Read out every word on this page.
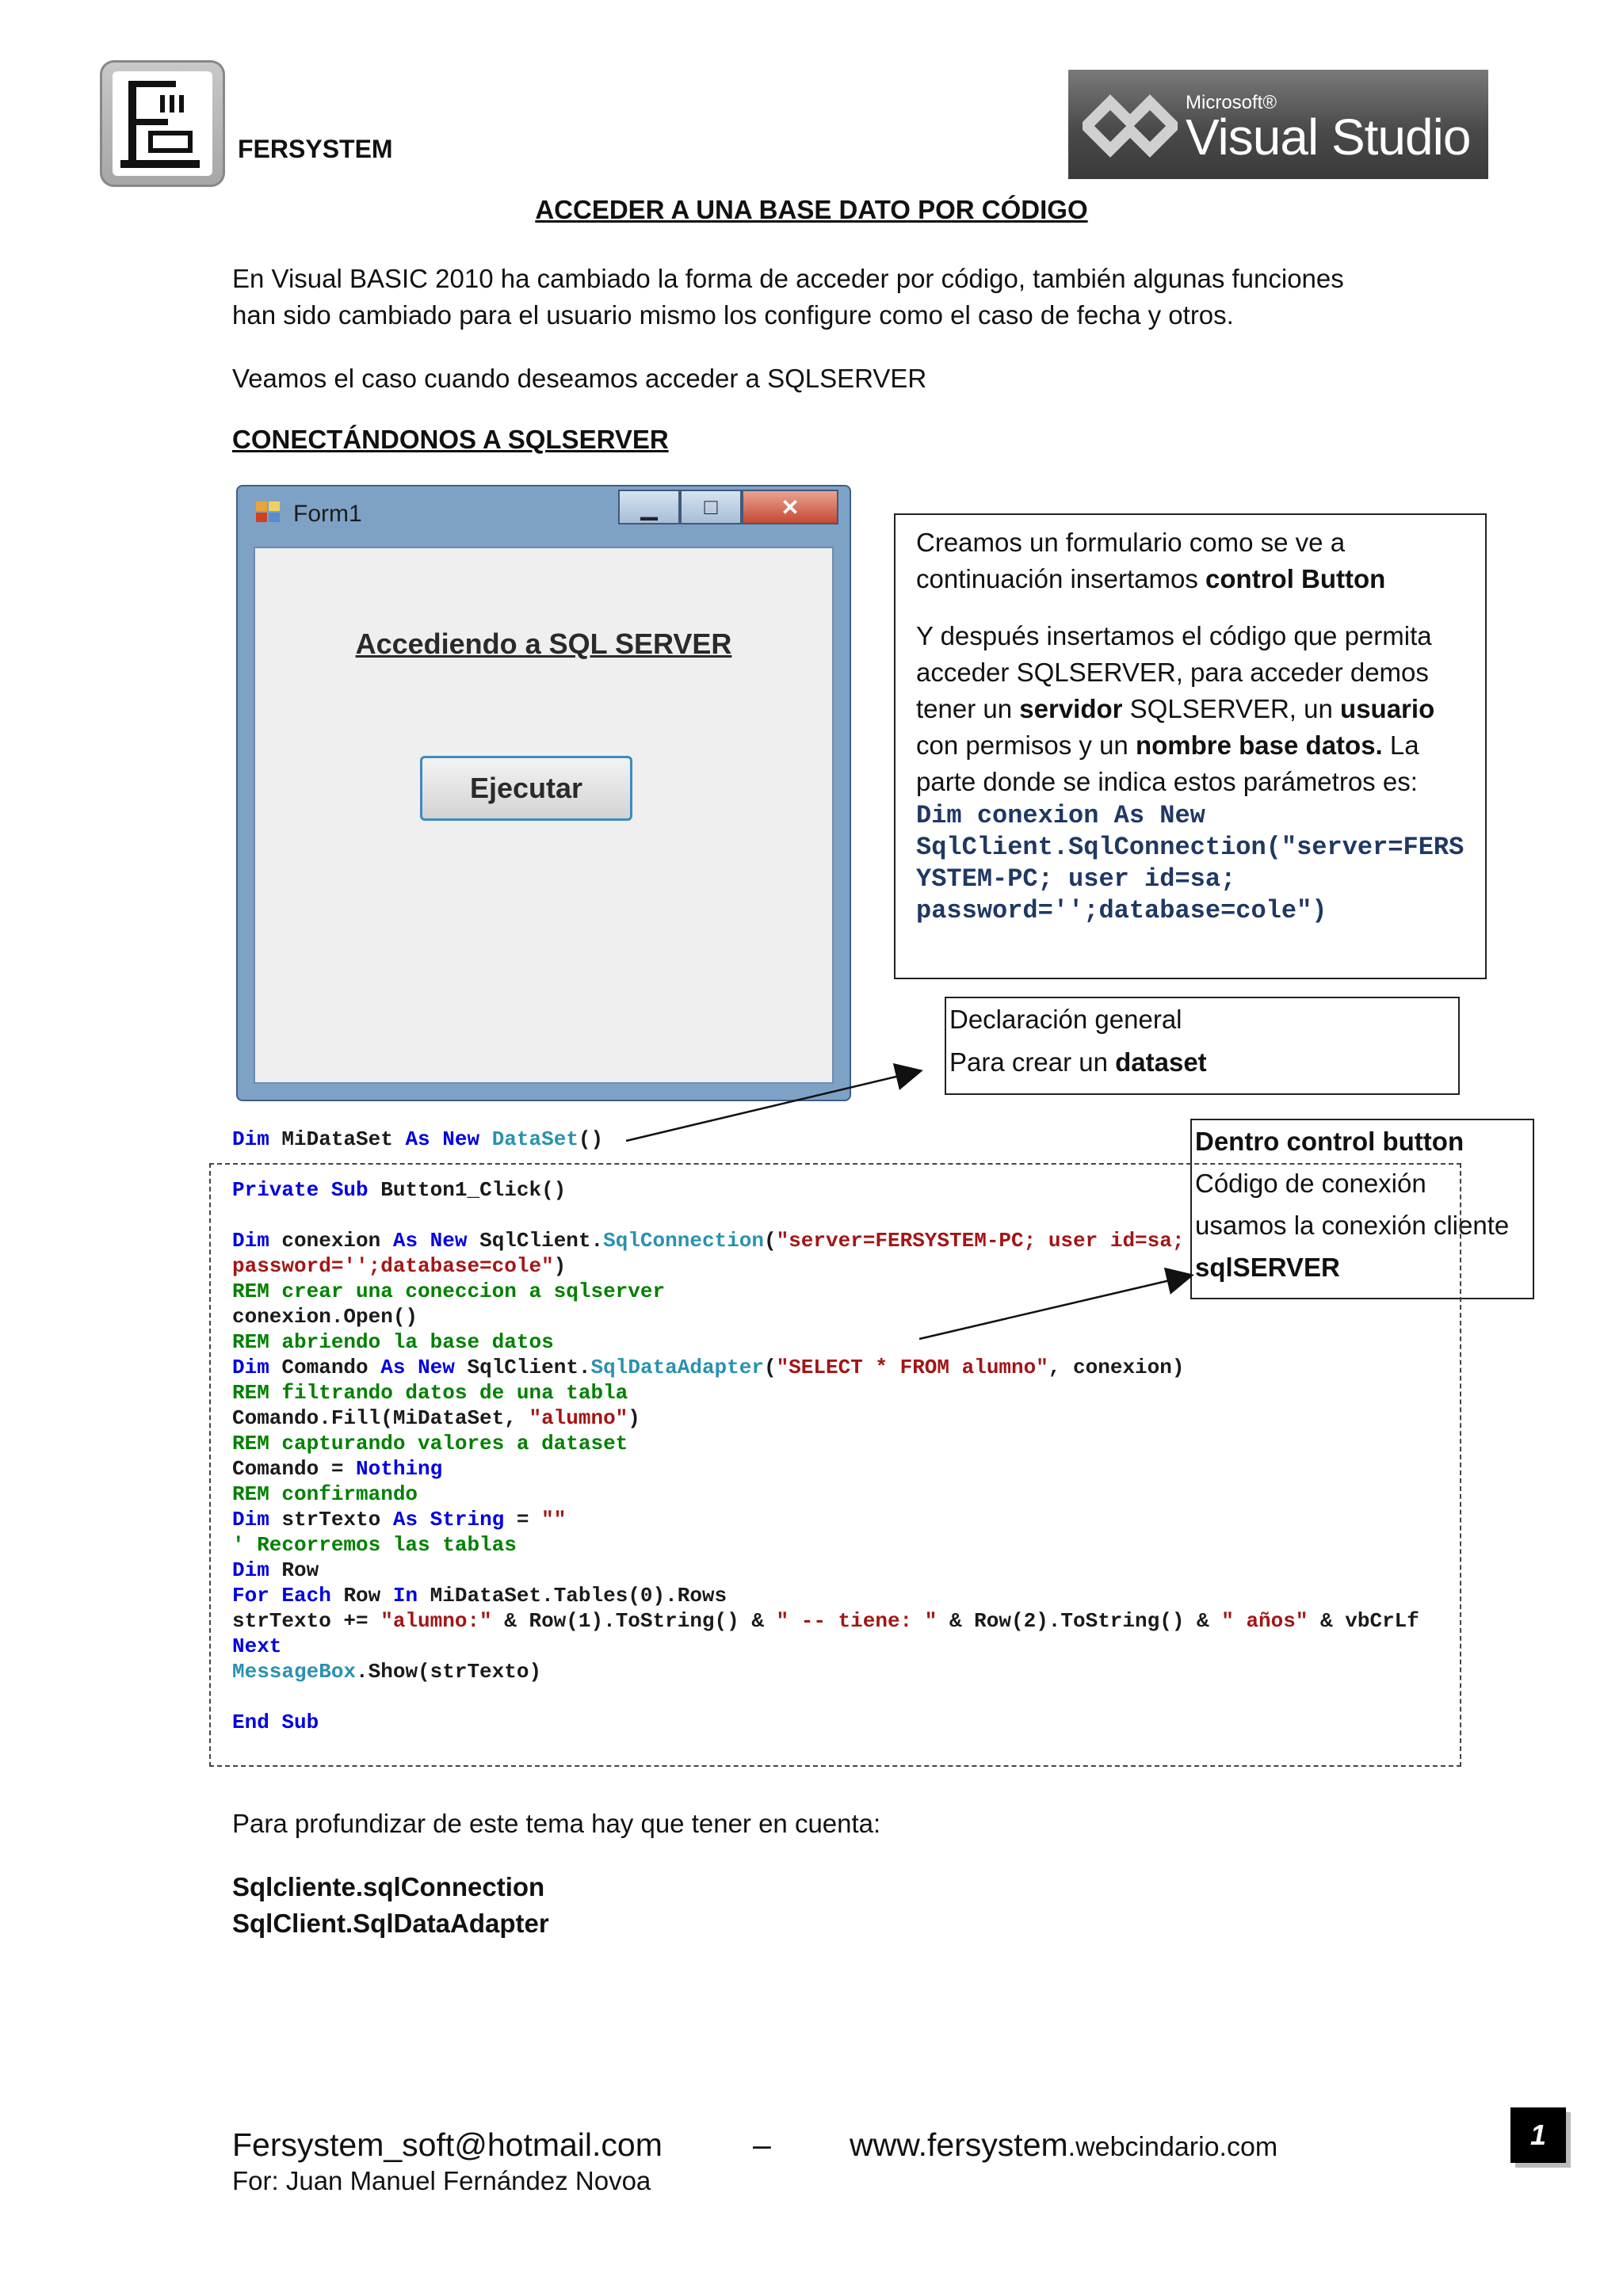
FERSYSTEM
Microsoft®
Visual Studio
ACCEDER A UNA BASE DATO POR CÓDIGO
En Visual BASIC 2010 ha cambiado la forma de acceder por código, también algunas funciones
han sido cambiado para el usuario mismo los configure como el caso de fecha y otros.
Veamos el caso cuando deseamos acceder a SQLSERVER
CONECTÁNDONOS A SQLSERVER
Form1	▁	□	✕
Accediendo a SQL SERVER
Ejecutar
Creamos un formulario como se ve a
continuación insertamos control Button
Y después insertamos el código que permita
acceder SQLSERVER, para acceder demos
tener un servidor SQLSERVER, un usuario
con permisos y un nombre base datos. La
parte donde se indica estos parámetros es:
Dim conexion As New
SqlClient.SqlConnection("server=FERS
YSTEM-PC; user id=sa;
password='';database=cole")
Declaración general
Para crear un dataset
Dentro control button
Código de conexión
usamos la conexión cliente
sqlSERVER
Dim MiDataSet As New DataSet()
Private Sub Button1_Click()
Dim conexion As New SqlClient.SqlConnection("server=FERSYSTEM-PC; user id=sa;
password='';database=cole")
REM crear una coneccion a sqlserver
conexion.Open()
REM abriendo la base datos
Dim Comando As New SqlClient.SqlDataAdapter("SELECT * FROM alumno", conexion)
REM filtrando datos de una tabla
Comando.Fill(MiDataSet, "alumno")
REM capturando valores a dataset
Comando = Nothing
REM confirmando
Dim strTexto As String = ""
' Recorremos las tablas
Dim Row
For Each Row In MiDataSet.Tables(0).Rows
strTexto += "alumno:" & Row(1).ToString() & " -- tiene: " & Row(2).ToString() & " años" & vbCrLf
Next
MessageBox.Show(strTexto)
End Sub
Para profundizar de este tema hay que tener en cuenta:
Sqlcliente.sqlConnection
SqlClient.SqlDataAdapter
Fersystem_soft@hotmail.com	– www.fersystem.webcindario.com
For: Juan Manuel Fernández Novoa
1
